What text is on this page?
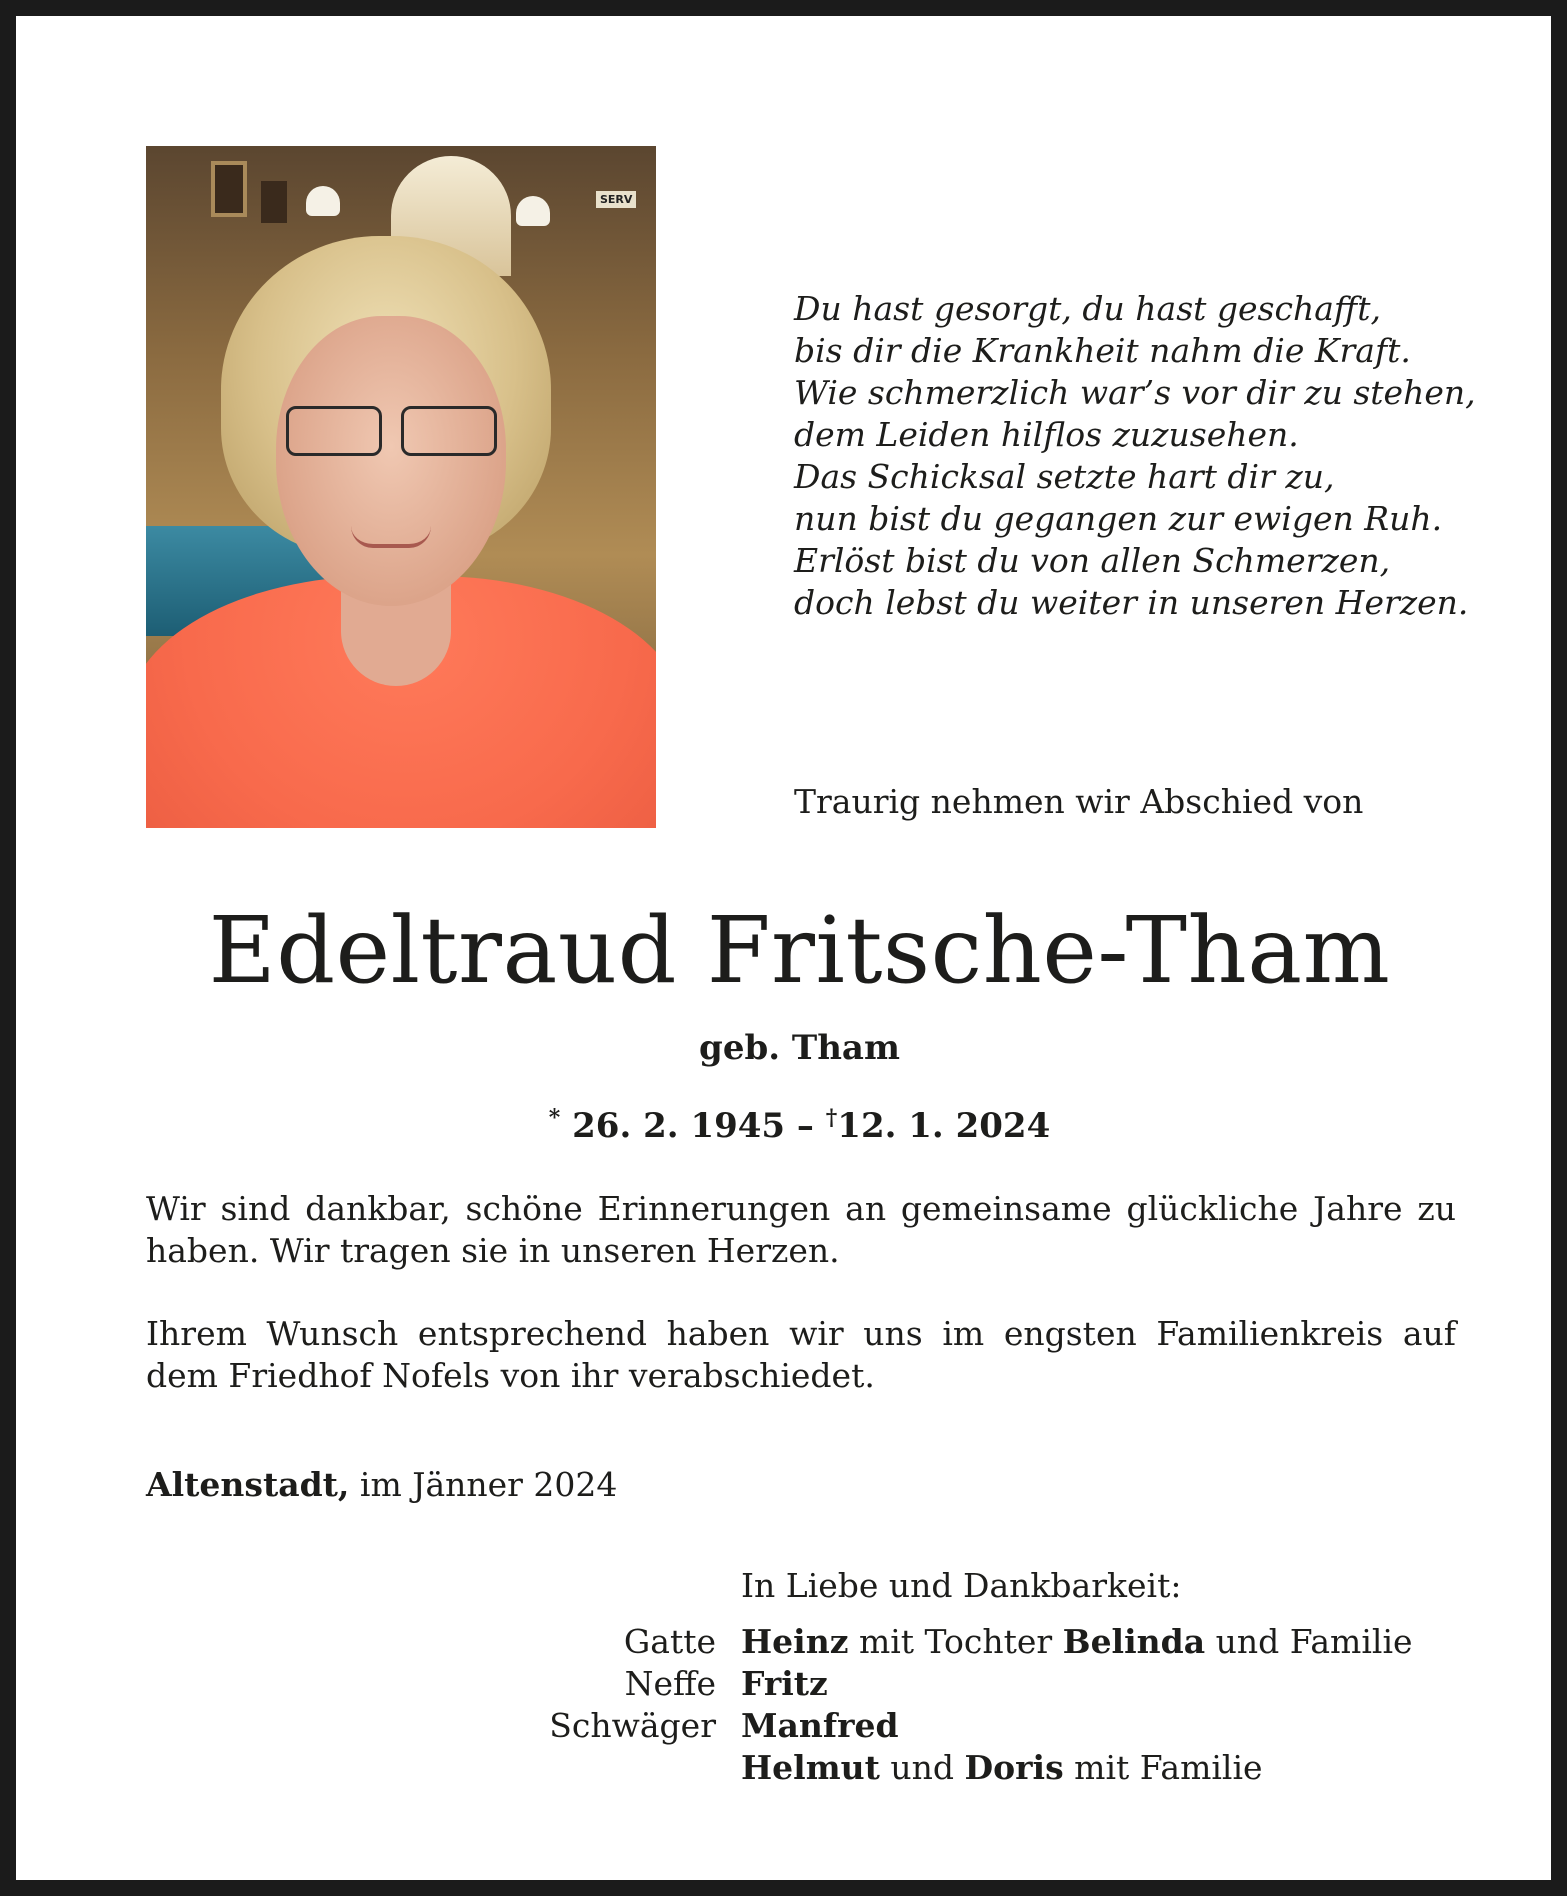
SERV
Du hast gesorgt, du hast geschafft,
bis dir die Krankheit nahm die Kraft.
Wie schmerzlich war’s vor dir zu stehen,
dem Leiden hilflos zuzusehen.
Das Schicksal setzte hart dir zu,
nun bist du gegangen zur ewigen Ruh.
Erlöst bist du von allen Schmerzen,
doch lebst du weiter in unseren Herzen.
Traurig nehmen wir Abschied von
Edeltraud Fritsche-Tham
geb. Tham
* 26. 2. 1945 – †12. 1. 2024
Wir sind dankbar, schöne Erinnerungen an gemeinsame glückliche Jahre zu haben. Wir tragen sie in unseren Herzen.
Ihrem Wunsch entsprechend haben wir uns im engsten Familienkreis auf dem Friedhof Nofels von ihr verabschiedet.
Altenstadt, im Jänner 2024
In Liebe und Dankbarkeit:
Gatte Heinz mit Tochter Belinda und Familie
Neffe Fritz
Schwäger Manfred
Helmut und Doris mit Familie
